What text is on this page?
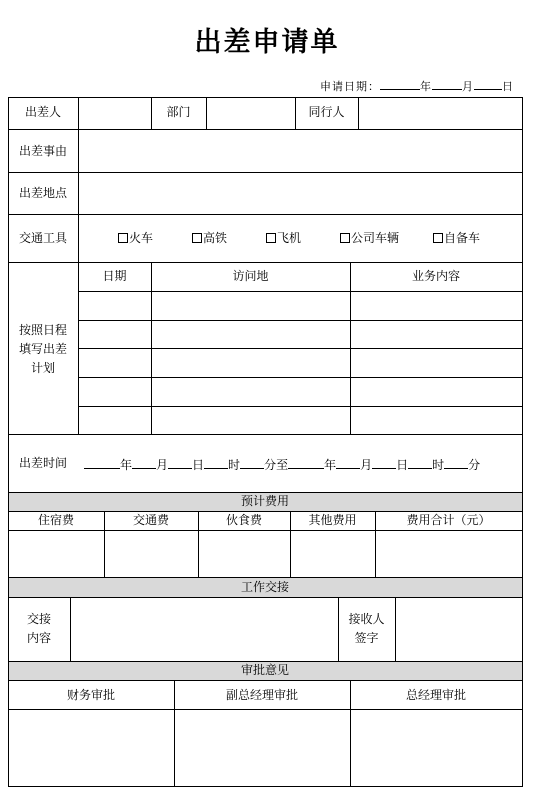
出差申请单
申请日期：	年	月	日
出差人	部门	同行人
出差事由
出差地点
交通工具	火车	高铁	飞机	公司车辆	自备车
按照日程
填写出差
计划
日期	访问地	业务内容
出差时间	年 月 日 时 分至	年 月 日 时 分
预计费用
住宿费	交通费	伙食费	其他费用	费用合计（元）
工作交接
交接
内容
接收人
签字
审批意见
财务审批	副总经理审批	总经理审批
